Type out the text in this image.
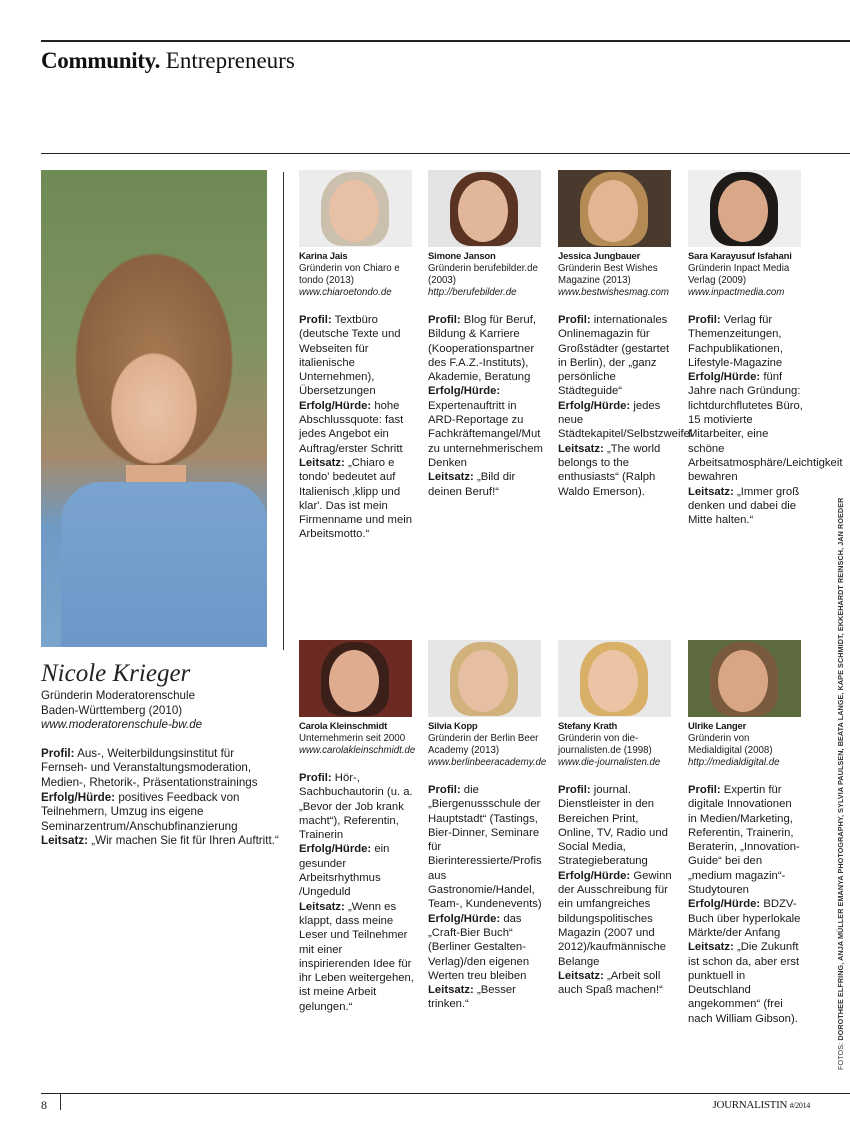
Community. Entrepreneurs
Nicole Krieger
Gründerin Moderatorenschule
Baden-Württemberg (2010)
www.moderatorenschule-bw.de
Profil: Aus-, Weiterbildungsinstitut für Fernseh- und Veranstaltungsmoderation, Medien-, Rhetorik-, Präsentationstrainings
Erfolg/Hürde: positives Feedback von Teilnehmern, Umzug ins eigene Seminarzentrum/Anschubfinanzierung
Leitsatz: „Wir machen Sie fit für Ihren Auftritt.“
Karina Jais
Gründerin von Chiaro e tondo (2013)
www.chiaroetondo.de
Profil: Textbüro (deutsche Texte und Webseiten für italienische Unternehmen), Übersetzungen
Erfolg/Hürde: hohe Abschlussquote: fast jedes Angebot ein Auftrag/erster Schritt
Leitsatz: „Chiaro e tondo' bedeutet auf Italienisch ‚klipp und klar'. Das ist mein Firmenname und mein Arbeitsmotto.“
Simone Janson
Gründerin berufebilder.de (2003)
http://berufebilder.de
Profil: Blog für Beruf, Bildung & Karriere (Kooperationspartner des F.A.Z.-Instituts), Akademie, Beratung
Erfolg/Hürde: Expertenauftritt in ARD-Reportage zu Fachkräftemangel/Mut zu unternehmerischem Denken
Leitsatz: „Bild dir deinen Beruf!“
Jessica Jungbauer
Gründerin Best Wishes Magazine (2013)
www.bestwishesmag.com
Profil: internationales Onlinemagazin für Großstädter (gestartet in Berlin), der „ganz persönliche Städteguide“
Erfolg/Hürde: jedes neue Städtekapitel/Selbstzweifel
Leitsatz: „The world belongs to the enthusiasts“ (Ralph Waldo Emerson).
Sara Karayusuf Isfahani
Gründerin Inpact Media Verlag (2009)
www.inpactmedia.com
Profil: Verlag für Themenzeitungen, Fachpublikationen, Lifestyle-Magazine
Erfolg/Hürde: fünf Jahre nach Gründung: lichtdurchflutetes Büro, 15 motivierte Mitarbeiter, eine schöne Arbeitsatmosphäre/Leichtigkeit bewahren
Leitsatz: „Immer groß denken und dabei die Mitte halten.“
Carola Kleinschmidt
Unternehmerin seit 2000
www.carolakleinschmidt.de
Profil: Hör-, Sachbuchautorin (u. a. „Bevor der Job krank macht“), Referentin, Trainerin
Erfolg/Hürde: ein gesunder Arbeitsrhythmus /Ungeduld
Leitsatz: „Wenn es klappt, dass meine Leser und Teilnehmer mit einer inspirierenden Idee für ihr Leben weitergehen, ist meine Arbeit gelungen.“
Silvia Kopp
Gründerin der Berlin Beer Academy (2013)
www.berlinbeeracademy.de
Profil: die „Biergenussschule der Hauptstadt“ (Tastings, Bier-Dinner, Seminare für Bierinteressierte/Profis aus Gastronomie/Handel, Team-, Kundenevents)
Erfolg/Hürde: das „Craft-Bier Buch“ (Berliner Gestalten-Verlag)/den eigenen Werten treu bleiben
Leitsatz: „Besser trinken.“
Stefany Krath
Gründerin von die-journalisten.de (1998)
www.die-journalisten.de
Profil: journal. Dienstleister in den Bereichen Print, Online, TV, Radio und Social Media, Strategieberatung
Erfolg/Hürde: Gewinn der Ausschreibung für ein umfangreiches bildungspolitisches Magazin (2007 und 2012)/kaufmännische Belange
Leitsatz: „Arbeit soll auch Spaß machen!“
Ulrike Langer
Gründerin von Medialdigital (2008)
http://medialdigital.de
Profil: Expertin für digitale Innovationen in Medien/Marketing, Referentin, Trainerin, Beraterin, „Innovation-Guide“ bei den „medium magazin“-Studytouren
Erfolg/Hürde: BDZV-Buch über hyperlokale Märkte/der Anfang
Leitsatz: „Die Zukunft ist schon da, aber erst punktuell in Deutschland angekommen“ (frei nach William Gibson).
FOTOS: DOROTHEE ELFRING, ANJA MÜLLER EMANYA PHOTOGRAPHY, SYLVIA PAULSEN, BEATA LANGE, KAPE SCHMIDT, EKKEHARDT REINSCH, JAN ROEDER
8	JOURNALISTIN #/2014
